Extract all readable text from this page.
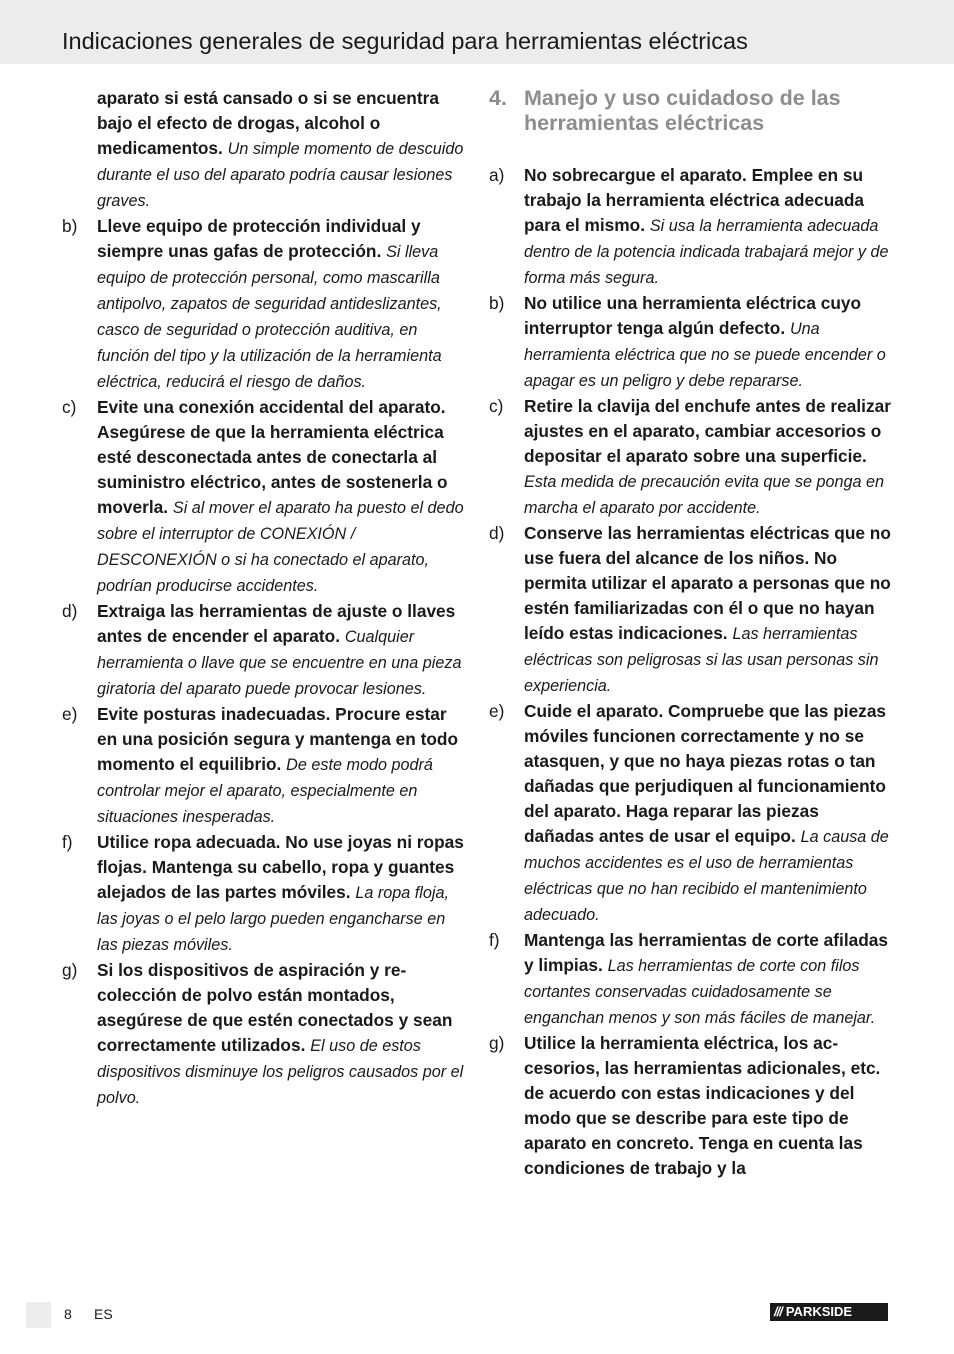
Indicaciones generales de seguridad para herramientas eléctricas
aparato si está cansado o si se encuentra bajo el efecto de drogas, alcohol o medicamentos. Un simple momento de descuido durante el uso del aparato podría causar lesiones graves.
b) Lleve equipo de protección individual y siempre unas gafas de protección. Si lleva equipo de protección personal, como mascarilla antipolvo, zapatos de seguridad antideslizantes, casco de seguridad o protección auditiva, en función del tipo y la utilización de la herramienta eléctrica, reducirá el riesgo de daños.
c) Evite una conexión accidental del aparato. Asegúrese de que la herramienta eléctrica esté desconectada antes de conectarla al suministro eléctrico, antes de sostenerla o moverla. Si al mover el aparato ha puesto el dedo sobre el interruptor de CONEXIÓN / DESCONEXIÓN o si ha conectado el aparato, podrían producirse accidentes.
d) Extraiga las herramientas de ajuste o llaves antes de encender el aparato. Cualquier herramienta o llave que se encuentre en una pieza giratoria del aparato puede provocar lesiones.
e) Evite posturas inadecuadas. Procure estar en una posición segura y mantenga en todo momento el equilibrio. De este modo podrá controlar mejor el aparato, especialmente en situaciones inesperadas.
f) Utilice ropa adecuada. No use joyas ni ropas flojas. Mantenga su cabello, ropa y guantes alejados de las partes móviles. La ropa floja, las joyas o el pelo largo pueden engancharse en las piezas móviles.
g) Si los dispositivos de aspiración y recolección de polvo están montados, asegúrese de que estén conectados y sean correctamente utilizados. El uso de estos dispositivos disminuye los peligros causados por el polvo.
4. Manejo y uso cuidadoso de las herramientas eléctricas
a) No sobrecargue el aparato. Emplee en su trabajo la herramienta eléctrica adecuada para el mismo. Si usa la herramienta adecuada dentro de la potencia indicada trabajará mejor y de forma más segura.
b) No utilice una herramienta eléctrica cuyo interruptor tenga algún defecto. Una herramienta eléctrica que no se puede encender o apagar es un peligro y debe repararse.
c) Retire la clavija del enchufe antes de realizar ajustes en el aparato, cambiar accesorios o depositar el aparato sobre una superficie. Esta medida de precaución evita que se ponga en marcha el aparato por accidente.
d) Conserve las herramientas eléctricas que no use fuera del alcance de los niños. No permita utilizar el aparato a personas que no estén familiarizadas con él o que no hayan leído estas indicaciones. Las herramientas eléctricas son peligrosas si las usan personas sin experiencia.
e) Cuide el aparato. Compruebe que las piezas móviles funcionen correctamente y no se atasquen, y que no haya piezas rotas o tan dañadas que perjudiquen al funcionamiento del aparato. Haga reparar las piezas dañadas antes de usar el equipo. La causa de muchos accidentes es el uso de herramientas eléctricas que no han recibido el mantenimiento adecuado.
f) Mantenga las herramientas de corte afiladas y limpias. Las herramientas de corte con filos cortantes conservadas cuidadosamente se enganchan menos y son más fáciles de manejar.
g) Utilice la herramienta eléctrica, los accesorios, las herramientas adicionales, etc. de acuerdo con estas indicaciones y del modo que se describe para este tipo de aparato en concreto. Tenga en cuenta las condiciones de trabajo y la
8 ES	/// PARKSIDE
